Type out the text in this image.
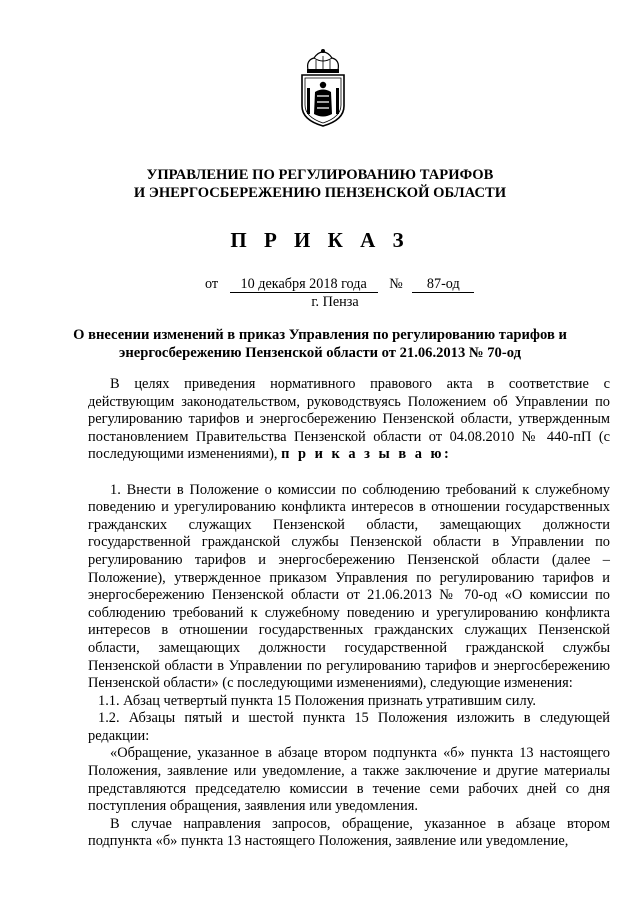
УПРАВЛЕНИЕ ПО РЕГУЛИРОВАНИЮ ТАРИФОВ
И ЭНЕРГОСБЕРЕЖЕНИЮ ПЕНЗЕНСКОЙ ОБЛАСТИ
П Р И К А З
от 10 декабря 2018 года № 87-од
г. Пенза
О внесении изменений в приказ Управления по регулированию тарифов и энергосбережению Пензенской области от 21.06.2013 № 70-од

В целях приведения нормативного правового акта в соответствие с действующим законодательством, руководствуясь Положением об Управлении по регулированию тарифов и энергосбережению Пензенской области, утвержденным постановлением Правительства Пензенской области от 04.08.2010 № 440-пП (с последующими изменениями), п р и к а з ы в а ю:

1. Внести в Положение о комиссии по соблюдению требований к служебному поведению и урегулированию конфликта интересов в отношении государственных гражданских служащих Пензенской области, замещающих должности государственной гражданской службы Пензенской области в Управлении по регулированию тарифов и энергосбережению Пензенской области (далее – Положение), утвержденное приказом Управления по регулированию тарифов и энергосбережению Пензенской области от 21.06.2013 № 70-од «О комиссии по соблюдению требований к служебному поведению и урегулированию конфликта интересов в отношении государственных гражданских служащих Пензенской области, замещающих должности государственной гражданской службы Пензенской области в Управлении по регулированию тарифов и энергосбережению Пензенской области» (с последующими изменениями), следующие изменения:

1.1. Абзац четвертый пункта 15 Положения признать утратившим силу.

1.2. Абзацы пятый и шестой пункта 15 Положения изложить в следующей редакции:

«Обращение, указанное в абзаце втором подпункта «б» пункта 13 настоящего Положения, заявление или уведомление, а также заключение и другие материалы представляются председателю комиссии в течение семи рабочих дней со дня поступления обращения, заявления или уведомления.

В случае направления запросов, обращение, указанное в абзаце втором подпункта «б» пункта 13 настоящего Положения, заявление или уведомление,
